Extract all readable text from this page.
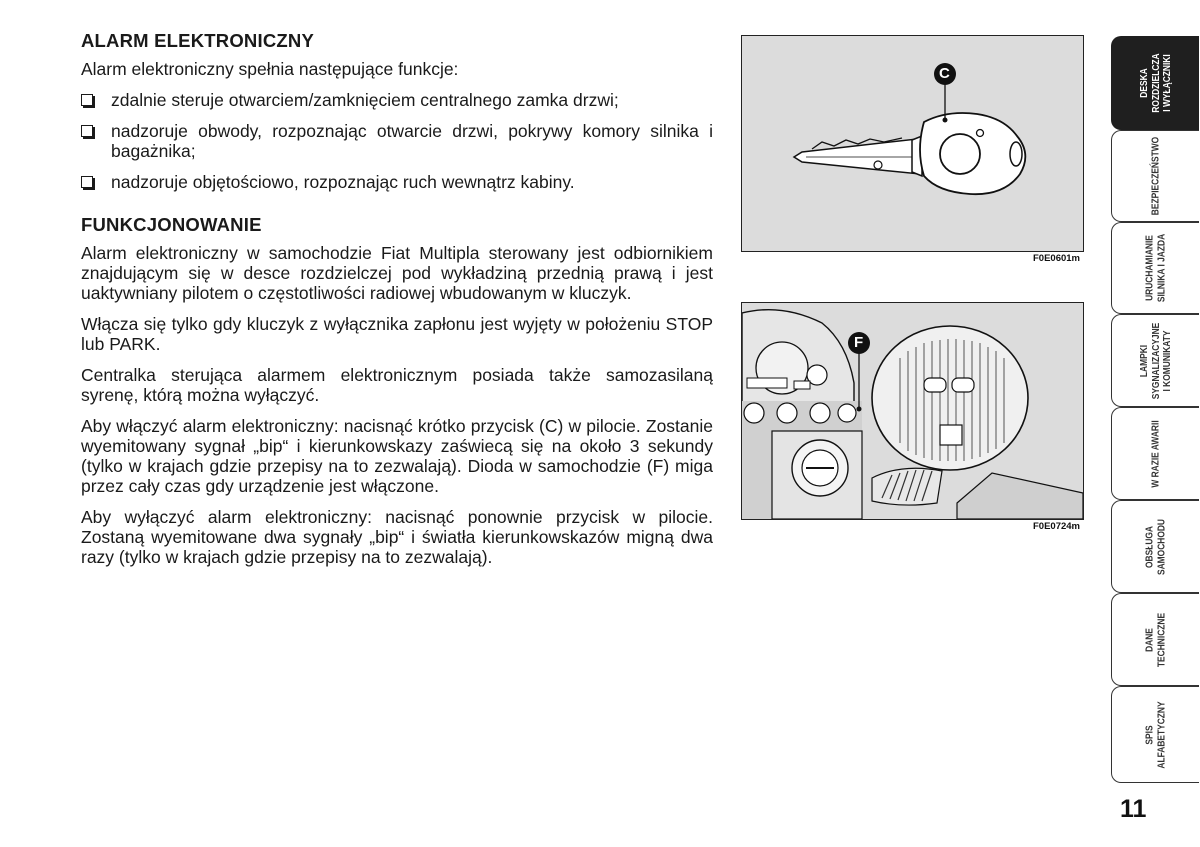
ALARM ELEKTRONICZNY

Alarm elektroniczny spełnia następujące funkcje:

zdalnie steruje otwarciem/zamknięciem centralnego zamka drzwi;
nadzoruje obwody, rozpoznając otwarcie drzwi, pokrywy komory silnika i bagażnika;
nadzoruje objętościowo, rozpoznając ruch wewnątrz kabiny.
FUNKCJONOWANIE

Alarm elektroniczny w samochodzie Fiat Multipla sterowany jest odbiornikiem znajdującym się w desce rozdzielczej pod wykładziną przednią prawą i jest uaktywniany pilotem o częstotliwości radiowej wbudowanym w kluczyk.

Włącza się tylko gdy kluczyk z wyłącznika zapłonu jest wyjęty w położeniu STOP lub PARK.

Centralka sterująca alarmem elektronicznym posiada także samozasilaną syrenę, którą można wyłączyć.

Aby włączyć alarm elektroniczny: nacisnąć krótko przycisk (C) w pilocie. Zostanie wyemitowany sygnał „bip“ i kierunkowskazy zaświecą się na około 3 sekundy (tylko w krajach gdzie przepisy na to zezwalają). Dioda w samochodzie (F) miga przez cały czas gdy urządzenie jest włączone.

Aby wyłączyć alarm elektroniczny: nacisnąć ponownie przycisk w pilocie. Zostaną wyemitowane dwa sygnały „bip“ i światła kierunkowskazów migną dwa razy (tylko w krajach gdzie przepisy na to zezwalają).

C
F0E0601m
F
F0E0724m
DESKA ROZDZIELCZA I WYŁĄCZNIKI
BEZPIECZEŃSTWO
URUCHAMIANIE SILNIKA I JAZDA
LAMPKI SYGNALIZACYJNE I KOMUNIKATY
W RAZIE AWARII
OBSŁUGA SAMOCHODU
DANE TECHNICZNE
SPIS ALFABETYCZNY
11
